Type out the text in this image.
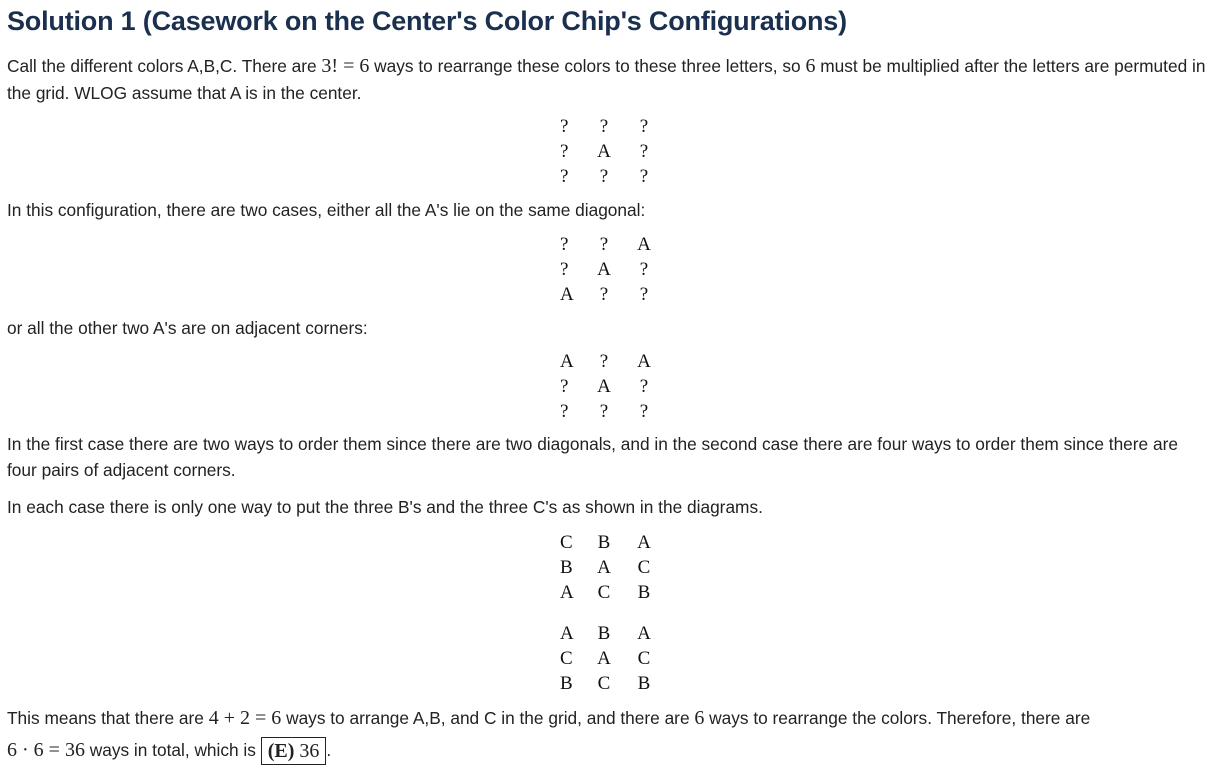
Solution 1 (Casework on the Center's Color Chip's Configurations)

Call the different colors A,B,C. There are 3! = 6 ways to rearrange these colors to these three letters, so 6 must be multiplied after the letters are permuted in the grid. WLOG assume that A is in the center.

?	?	?
?	A	?
?	?	?

In this configuration, there are two cases, either all the A's lie on the same diagonal:

?	?	A
?	A	?
A	?	?

or all the other two A's are on adjacent corners:

A	?	A
?	A	?
?	?	?

In the first case there are two ways to order them since there are two diagonals, and in the second case there are four ways to order them since there are four pairs of adjacent corners.

In each case there is only one way to put the three B's and the three C's as shown in the diagrams.

C	B	A
B	A	C
A	C	B
A	B	A
C	A	C
B	C	B

This means that there are 4 + 2 = 6 ways to arrange A,B, and C in the grid, and there are 6 ways to rearrange the colors. Therefore, there are
6 · 6 = 36 ways in total, which is (E) 36 .
